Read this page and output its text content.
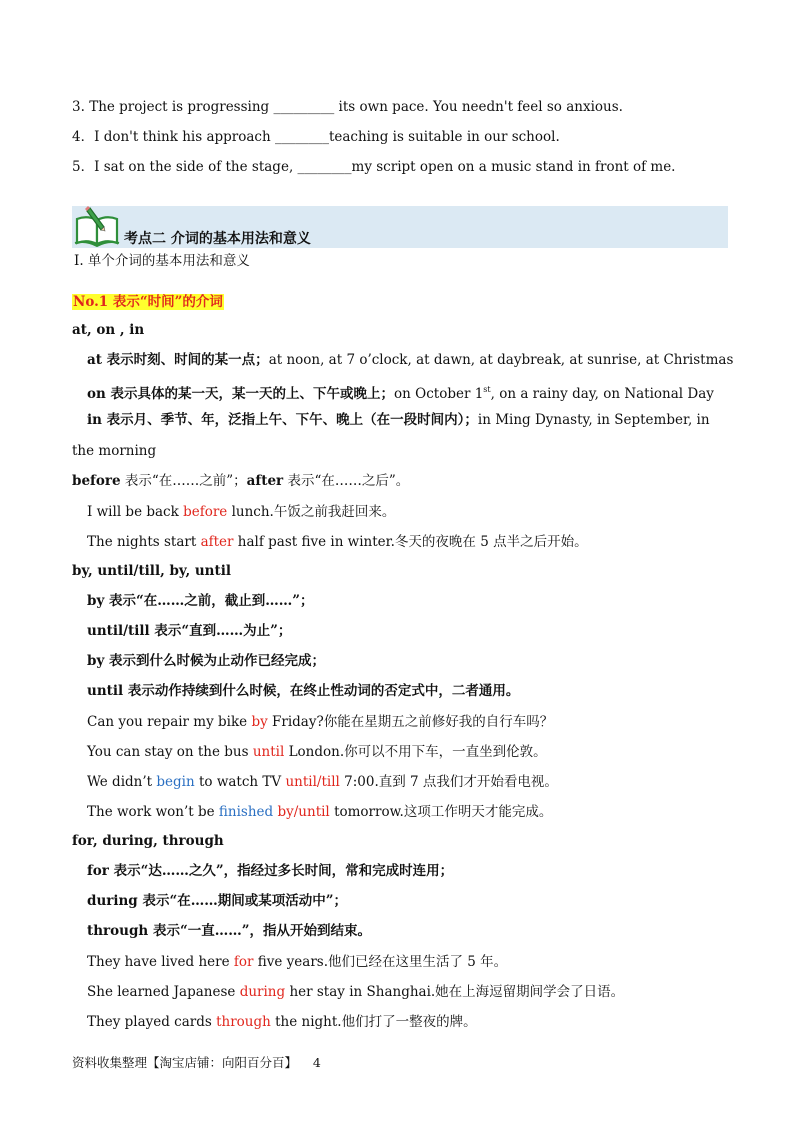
3. The project is progressing _________ its own pace. You needn't feel so anxious.
4．I don't think his approach ________teaching is suitable in our school.
5．I sat on the side of the stage, ________my script open on a music stand in front of me.
考点二 介词的基本用法和意义
Ⅰ. 单个介词的基本用法和意义
No.1 表示“时间”的介词
at, on , in
at 表示时刻、时间的某一点；at noon, at 7 o’clock, at dawn, at daybreak, at sunrise, at Christmas
on 表示具体的某一天，某一天的上、下午或晚上；on October 1st, on a rainy day, on National Day
in 表示月、季节、年，泛指上午、下午、晚上（在一段时间内）；in Ming Dynasty, in September, in
the morning
before 表示“在……之前”；after 表示“在……之后”。
I will be back before lunch.午饭之前我赶回来。
The nights start after half past five in winter.冬天的夜晚在 5 点半之后开始。
by, until/till, by, until
by 表示“在……之前，截止到……”；
until/till 表示“直到……为止”；
by 表示到什么时候为止动作已经完成；
until 表示动作持续到什么时候，在终止性动词的否定式中，二者通用。
Can you repair my bike by Friday?你能在星期五之前修好我的自行车吗？
You can stay on the bus until London.你可以不用下车，一直坐到伦敦。
We didn’t begin to watch TV until/till 7:00.直到 7 点我们才开始看电视。
The work won’t be finished by/until tomorrow.这项工作明天才能完成。
for, during, through
for 表示“达……之久”，指经过多长时间，常和完成时连用；
during 表示“在……期间或某项活动中”；
through 表示“一直……”，指从开始到结束。
They have lived here for five years.他们已经在这里生活了 5 年。
She learned Japanese during her stay in Shanghai.她在上海逗留期间学会了日语。
They played cards through the night.他们打了一整夜的牌。
资料收集整理【淘宝店铺：向阳百分百】 4
